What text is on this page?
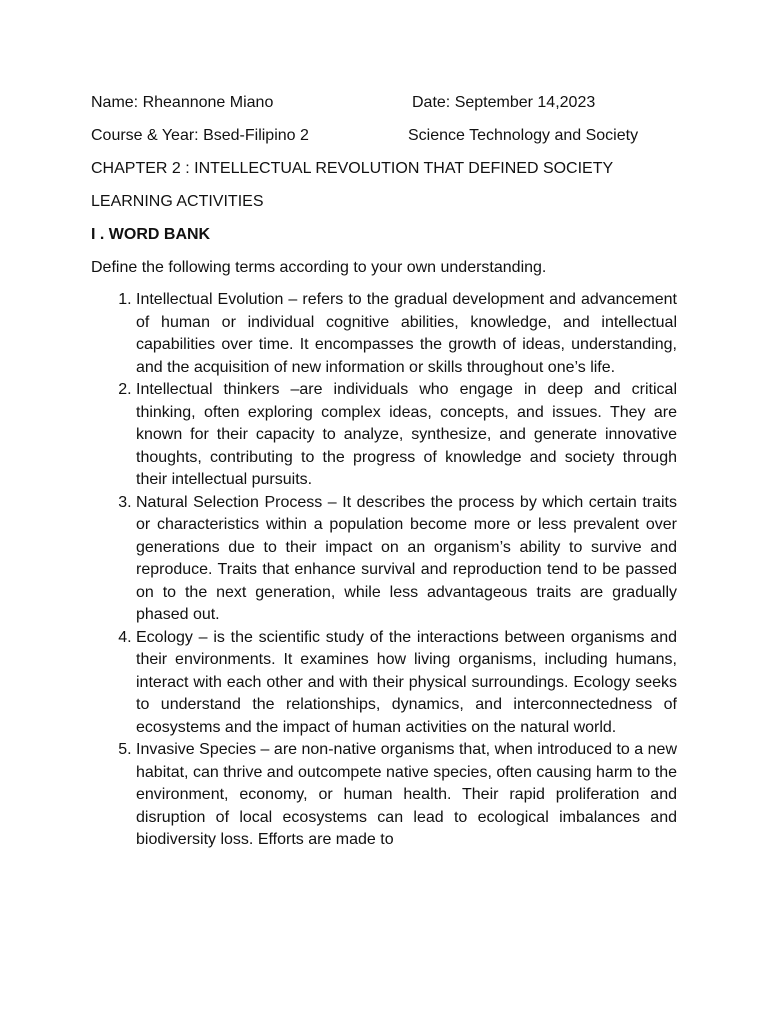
Name: Rheannone Miano	Date: September 14,2023
Course & Year: Bsed-Filipino 2	Science Technology and Society
CHAPTER 2 : INTELLECTUAL REVOLUTION THAT DEFINED SOCIETY
LEARNING ACTIVITIES
I . WORD BANK
Define the following terms according to your own understanding.
1. Intellectual Evolution – refers to the gradual development and advancement of human or individual cognitive abilities, knowledge, and intellectual capabilities over time. It encompasses the growth of ideas, understanding, and the acquisition of new information or skills throughout one’s life.
2. Intellectual thinkers –are individuals who engage in deep and critical thinking, often exploring complex ideas, concepts, and issues. They are known for their capacity to analyze, synthesize, and generate innovative thoughts, contributing to the progress of knowledge and society through their intellectual pursuits.
3. Natural Selection Process – It describes the process by which certain traits or characteristics within a population become more or less prevalent over generations due to their impact on an organism’s ability to survive and reproduce. Traits that enhance survival and reproduction tend to be passed on to the next generation, while less advantageous traits are gradually phased out.
4. Ecology – is the scientific study of the interactions between organisms and their environments. It examines how living organisms, including humans, interact with each other and with their physical surroundings. Ecology seeks to understand the relationships, dynamics, and interconnectedness of ecosystems and the impact of human activities on the natural world.
5. Invasive Species – are non-native organisms that, when introduced to a new habitat, can thrive and outcompete native species, often causing harm to the environment, economy, or human health. Their rapid proliferation and disruption of local ecosystems can lead to ecological imbalances and biodiversity loss. Efforts are made to
